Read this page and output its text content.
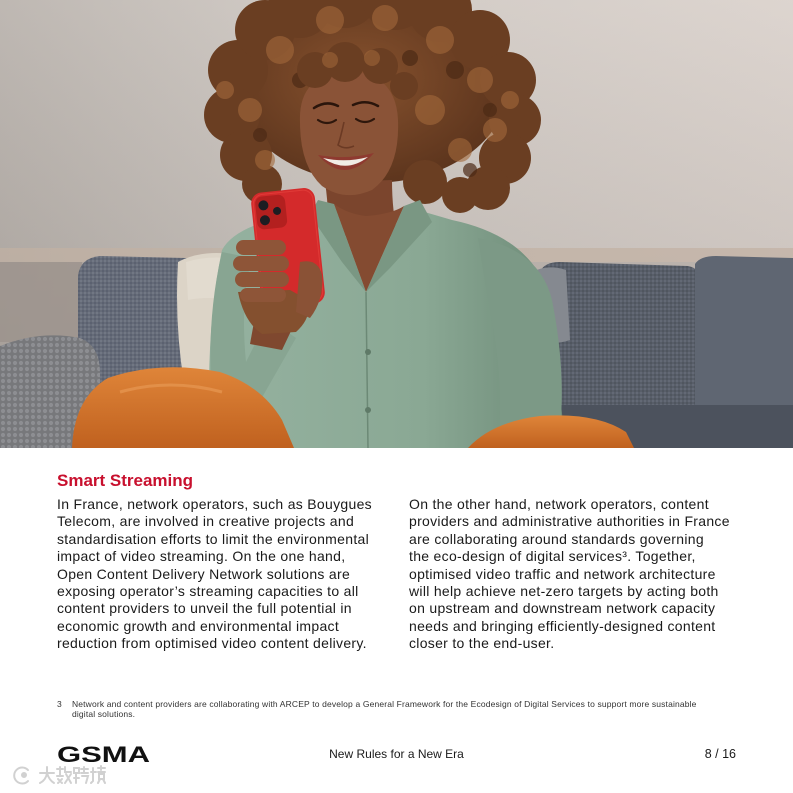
Smart Streaming
In France, network operators, such as Bouygues
Telecom, are involved in creative projects and
standardisation efforts to limit the environmental
impact of video streaming. On the one hand,
Open Content Delivery Network solutions are
exposing operator’s streaming capacities to all
content providers to unveil the full potential in
economic growth and environmental impact
reduction from optimised video content delivery.
On the other hand, network operators, content
providers and administrative authorities in France
are collaborating around standards governing
the eco-design of digital services³. Together,
optimised video traffic and network architecture
will help achieve net-zero targets by acting both
on upstream and downstream network capacity
needs and bringing efficiently-designed content
closer to the end-user.
3 Network and content providers are collaborating with ARCEP to develop a General Framework for the Ecodesign of Digital Services to support more sustainable
digital solutions.
GSMA	New Rules for a New Era	8 / 16
